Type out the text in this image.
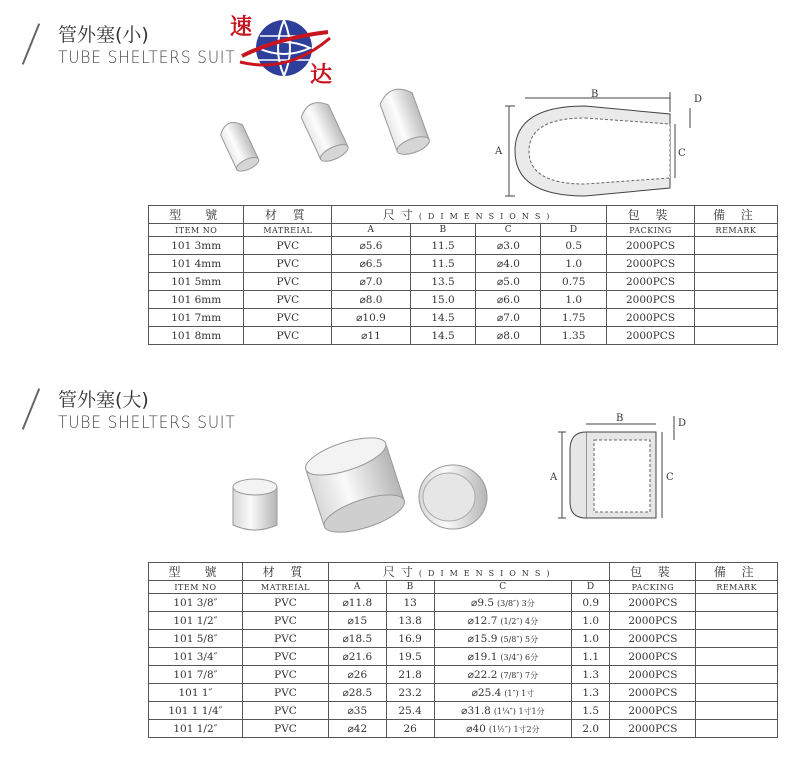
管外塞(小)
TUBE SHELTERS SUIT
速
达
A
B
C
D
型　號	材 質	尺寸(DIMENSIONS)				包 裝	備 注
ITEM NO	MATREIAL	A	B	C	D	PACKING	REMARK
101 3mm	PVC	⌀5.6	11.5	⌀3.0	0.5	2000PCS	
101 4mm	PVC	⌀6.5	11.5	⌀4.0	1.0	2000PCS	
101 5mm	PVC	⌀7.0	13.5	⌀5.0	0.75	2000PCS	
101 6mm	PVC	⌀8.0	15.0	⌀6.0	1.0	2000PCS	
101 7mm	PVC	⌀10.9	14.5	⌀7.0	1.75	2000PCS	
101 8mm	PVC	⌀11	14.5	⌀8.0	1.35	2000PCS	
管外塞(大)
TUBE SHELTERS SUIT
A
B
C
D
型　號	材 質	尺寸(DIMENSIONS)				包 裝	備 注
ITEM NO	MATREIAL	A	B	C	D	PACKING	REMARK
101 3/8″	PVC	⌀11.8	13	⌀9.5 (3/8″) 3分	0.9	2000PCS	
101 1/2″	PVC	⌀15	13.8	⌀12.7 (1/2″) 4分	1.0	2000PCS	
101 5/8″	PVC	⌀18.5	16.9	⌀15.9 (5/8″) 5分	1.0	2000PCS	
101 3/4″	PVC	⌀21.6	19.5	⌀19.1 (3/4″) 6分	1.1	2000PCS	
101 7/8″	PVC	⌀26	21.8	⌀22.2 (7/8″) 7分	1.3	2000PCS	
101 1″	PVC	⌀28.5	23.2	⌀25.4 (1″) 1寸	1.3	2000PCS	
101 1 1/4″	PVC	⌀35	25.4	⌀31.8 (1¼″) 1寸1分	1.5	2000PCS	
101 1/2″	PVC	⌀42	26	⌀40 (1½″) 1寸2分	2.0	2000PCS	
